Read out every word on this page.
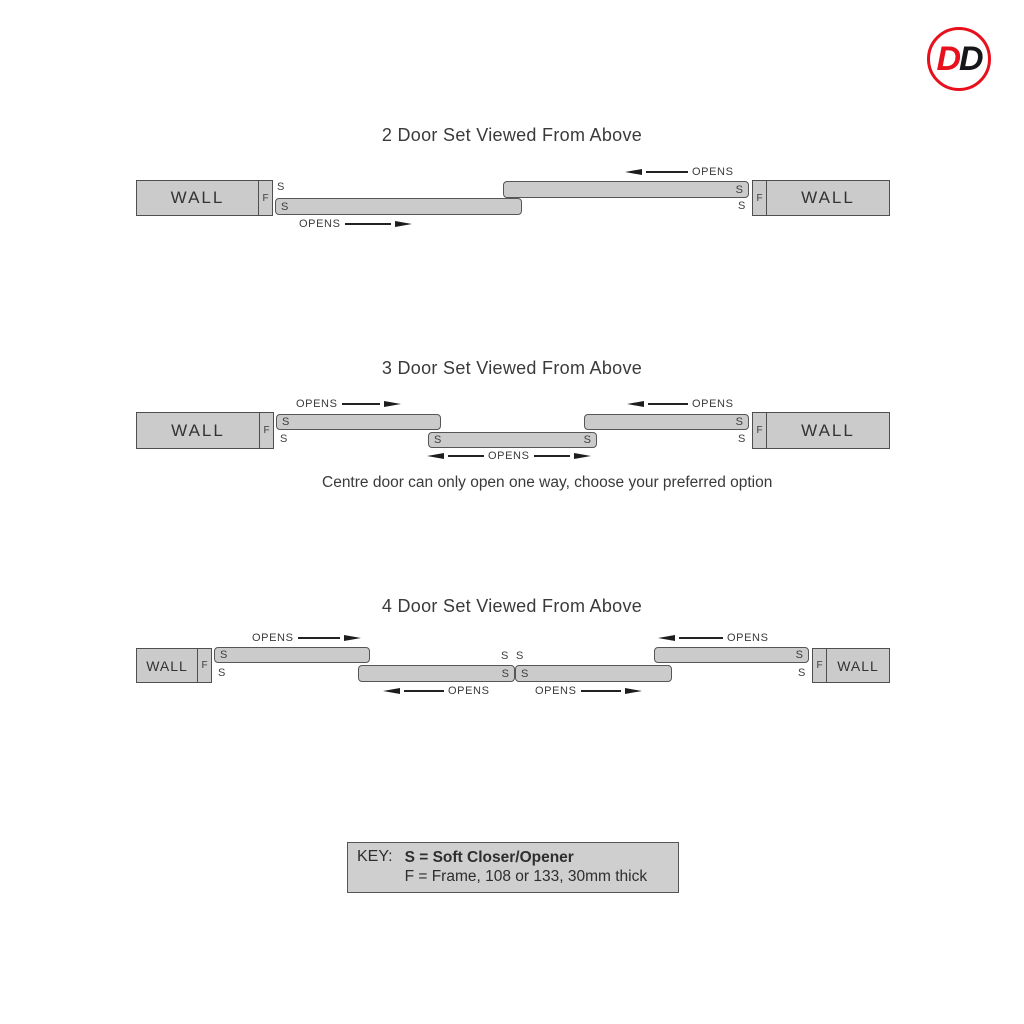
D D
2 Door Set Viewed From Above
WALL	F
S
S
OPENS
S
OPENS
S
F WALL
3 Door Set Viewed From Above
OPENS	OPENS
WALL	F
S
S	S	S
OPENS
S
S
F WALL
Centre door can only open one way, choose your preferred option
4 Door Set Viewed From Above
OPENS	OPENS
WALL F
S
S
S S
S S
OPENS	OPENS
S
S
F WALL
KEY: S = Soft Closer/Opener
F = Frame, 108 or 133, 30mm thick
